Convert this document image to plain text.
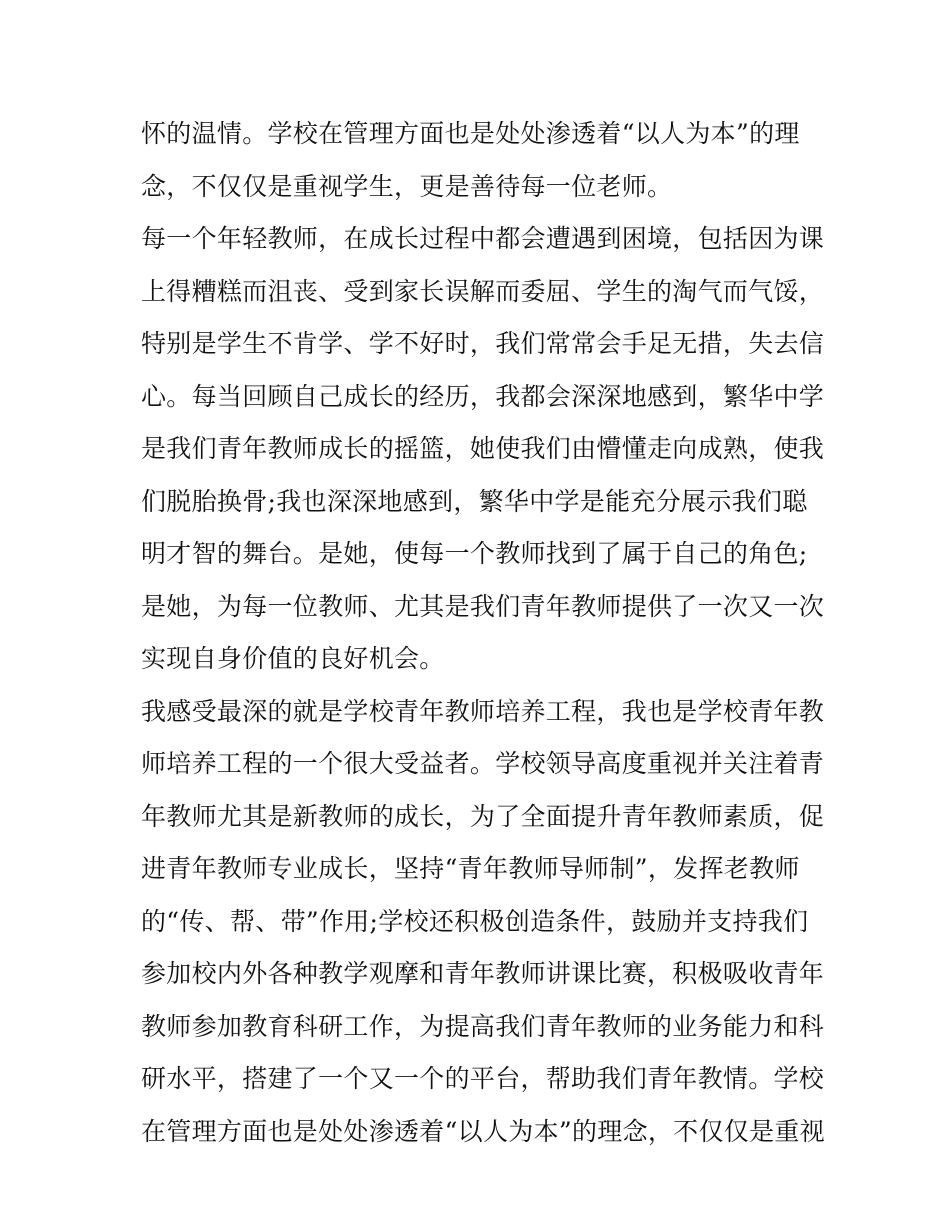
怀的温情。学校在管理方面也是处处渗透着“以人为本”的理
念，不仅仅是重视学生，更是善待每一位老师。
每一个年轻教师，在成长过程中都会遭遇到困境，包括因为课
上得糟糕而沮丧、受到家长误解而委屈、学生的淘气而气馁，
特别是学生不肯学、学不好时，我们常常会手足无措，失去信
心。每当回顾自己成长的经历，我都会深深地感到，繁华中学
是我们青年教师成长的摇篮，她使我们由懵懂走向成熟，使我
们脱胎换骨;我也深深地感到，繁华中学是能充分展示我们聪
明才智的舞台。是她，使每一个教师找到了属于自己的角色;
是她，为每一位教师、尤其是我们青年教师提供了一次又一次
实现自身价值的良好机会。
我感受最深的就是学校青年教师培养工程，我也是学校青年教
师培养工程的一个很大受益者。学校领导高度重视并关注着青
年教师尤其是新教师的成长，为了全面提升青年教师素质，促
进青年教师专业成长，坚持“青年教师导师制”，发挥老教师
的“传、帮、带”作用;学校还积极创造条件，鼓励并支持我们
参加校内外各种教学观摩和青年教师讲课比赛，积极吸收青年
教师参加教育科研工作，为提高我们青年教师的业务能力和科
研水平，搭建了一个又一个的平台，帮助我们青年教情。学校
在管理方面也是处处渗透着“以人为本”的理念，不仅仅是重视
